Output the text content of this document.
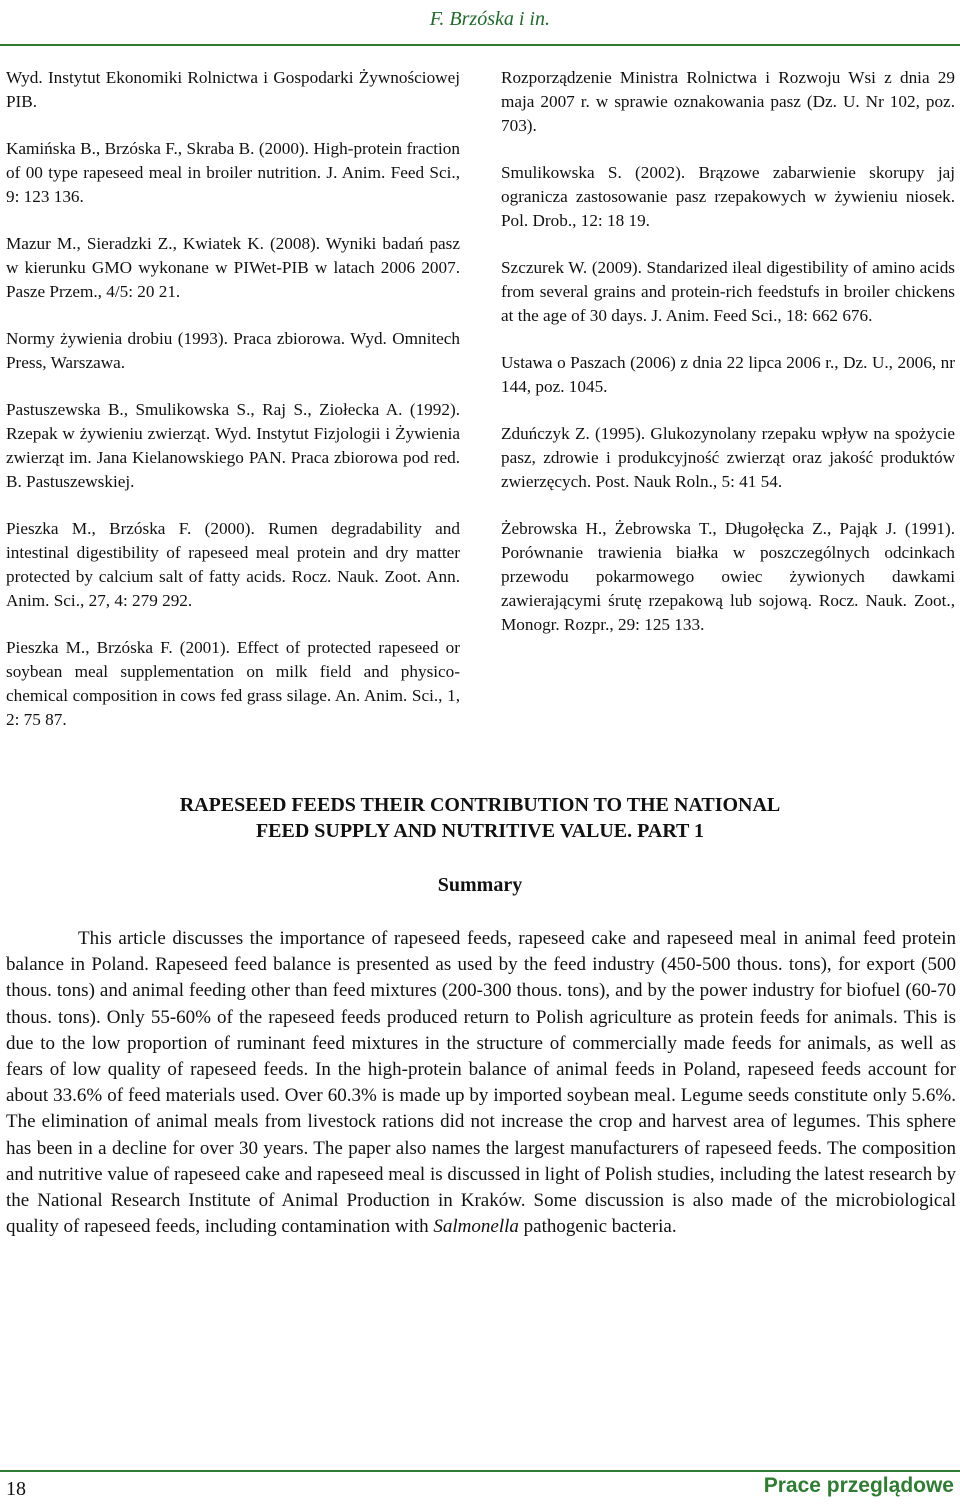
F. Brzóska i in.

Wyd. Instytut Ekonomiki Rolnictwa i Gospodarki Żywnościowej PIB.

Kamińska B., Brzóska F., Skraba B. (2000). High-protein fraction of 00 type rapeseed meal in broiler nutrition. J. Anim. Feed Sci., 9: 123 136.

Mazur M., Sieradzki Z., Kwiatek K. (2008). Wyniki badań pasz w kierunku GMO wykonane w PIWet-PIB w latach 2006 2007. Pasze Przem., 4/5: 20 21.

Normy żywienia drobiu (1993). Praca zbiorowa. Wyd. Omnitech Press, Warszawa.

Pastuszewska B., Smulikowska S., Raj S., Ziołecka A. (1992). Rzepak w żywieniu zwierząt. Wyd. Instytut Fizjologii i Żywienia zwierząt im. Jana Kielanowskiego PAN. Praca zbiorowa pod red. B. Pastuszewskiej.

Pieszka M., Brzóska F. (2000). Rumen degradability and intestinal digestibility of rapeseed meal protein and dry matter protected by calcium salt of fatty acids. Rocz. Nauk. Zoot. Ann. Anim. Sci., 27, 4: 279 292.

Pieszka M., Brzóska F. (2001). Effect of protected rapeseed or soybean meal supplementation on milk field and physico-chemical composition in cows fed grass silage. An. Anim. Sci., 1, 2: 75 87.

Rozporządzenie Ministra Rolnictwa i Rozwoju Wsi z dnia 29 maja 2007 r. w sprawie oznakowania pasz (Dz. U. Nr 102, poz. 703).

Smulikowska S. (2002). Brązowe zabarwienie skorupy jaj ogranicza zastosowanie pasz rzepakowych w żywieniu niosek. Pol. Drob., 12: 18 19.

Szczurek W. (2009). Standarized ileal digestibility of amino acids from several grains and protein-rich feedstufs in broiler chickens at the age of 30 days. J. Anim. Feed Sci., 18: 662 676.

Ustawa o Paszach (2006) z dnia 22 lipca 2006 r., Dz. U., 2006, nr 144, poz. 1045.

Zduńczyk Z. (1995). Glukozynolany rzepaku wpływ na spożycie pasz, zdrowie i produkcyjność zwierząt oraz jakość produktów zwierzęcych. Post. Nauk Roln., 5: 41 54.

Żebrowska H., Żebrowska T., Długołęcka Z., Pająk J. (1991). Porównanie trawienia białka w poszczególnych odcinkach przewodu pokarmowego owiec żywionych dawkami zawierającymi śrutę rzepakową lub sojową. Rocz. Nauk. Zoot., Monogr. Rozpr., 29: 125 133.

RAPESEED FEEDS THEIR CONTRIBUTION TO THE NATIONAL
FEED SUPPLY AND NUTRITIVE VALUE. PART 1
Summary

This article discusses the importance of rapeseed feeds, rapeseed cake and rapeseed meal in animal feed protein balance in Poland. Rapeseed feed balance is presented as used by the feed industry (450-500 thous. tons), for export (500 thous. tons) and animal feeding other than feed mixtures (200-300 thous. tons), and by the power industry for biofuel (60-70 thous. tons). Only 55-60% of the rapeseed feeds produced return to Polish agriculture as protein feeds for animals. This is due to the low proportion of ruminant feed mixtures in the structure of commercially made feeds for animals, as well as fears of low quality of rapeseed feeds. In the high-protein balance of animal feeds in Poland, rapeseed feeds account for about 33.6% of feed materials used. Over 60.3% is made up by imported soybean meal. Legume seeds constitute only 5.6%. The elimination of animal meals from livestock rations did not increase the crop and harvest area of legumes. This sphere has been in a decline for over 30 years. The paper also names the largest manufacturers of rapeseed feeds. The composition and nutritive value of rapeseed cake and rapeseed meal is discussed in light of Polish studies, including the latest research by the National Research Institute of Animal Production in Kraków. Some discussion is also made of the microbiological quality of rapeseed feeds, including contamination with Salmonella pathogenic bacteria.

18	Prace przeglądowe
